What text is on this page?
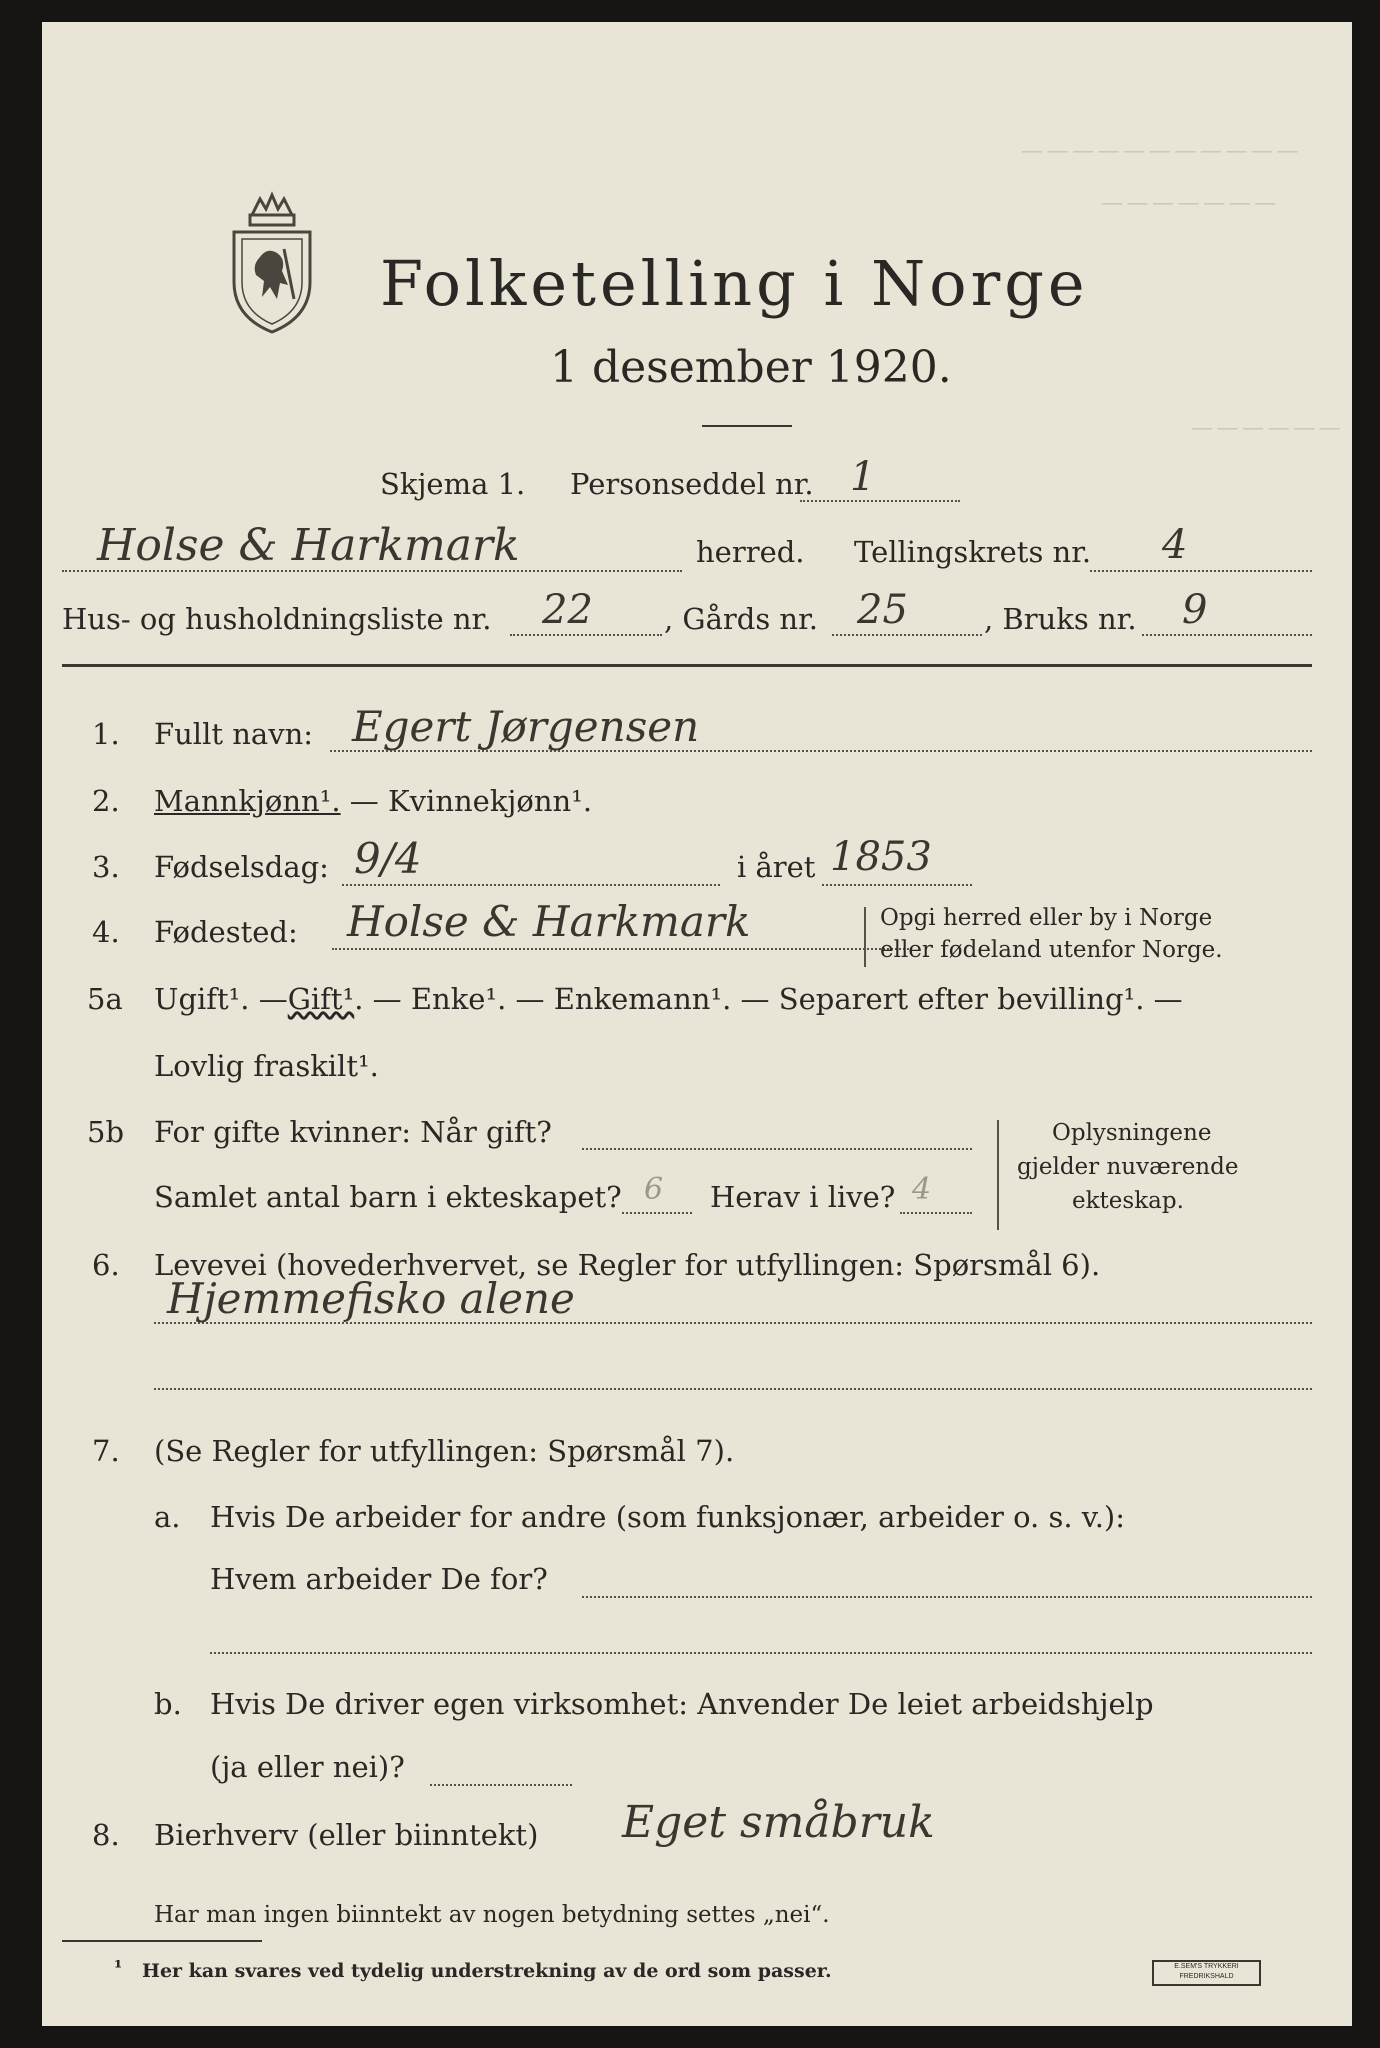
— — — — — — — — — — —
— — — — — — —
— — — — — —
Folketelling i Norge
1 desember 1920.
Skjema 1. Personseddel nr. 1
Holse & Harkmark	herred. Tellingskrets nr. 4
Hus- og husholdningsliste nr. 22 , Gårds nr. 25	, Bruks nr. 9
1. Fullt navn: Egert Jørgensen
2. Mannkjønn¹. — Kvinnekjønn¹.
3. Fødselsdag: 9/4	i året 1853
4. Fødested: Holse & Harkmark	Opgi herred eller by i Norge
eller fødeland utenfor Norge.
5a Ugift¹. —Gift¹. — Enke¹. — Enkemann¹. — Separert efter bevilling¹. —
Lovlig fraskilt¹.
5b For gifte kvinner: Når gift?
Samlet antal barn i ekteskapet? 6 Herav i live? 4
Oplysningene
gjelder nuværende
ekteskap.
6. Levevei (hovederhvervet, se Regler for utfyllingen: Spørsmål 6).
Hjemmefisko alene
7. (Se Regler for utfyllingen: Spørsmål 7).
a. Hvis De arbeider for andre (som funksjonær, arbeider o. s. v.):
Hvem arbeider De for?
b. Hvis De driver egen virksomhet: Anvender De leiet arbeidshjelp
(ja eller nei)?
8. Bierhverv (eller biinntekt) Eget småbruk
Har man ingen biinntekt av nogen betydning settes „nei“.
¹ Her kan svares ved tydelig understrekning av de ord som passer.	E.SEM'S TRYKKERI FREDRIKSHALD
